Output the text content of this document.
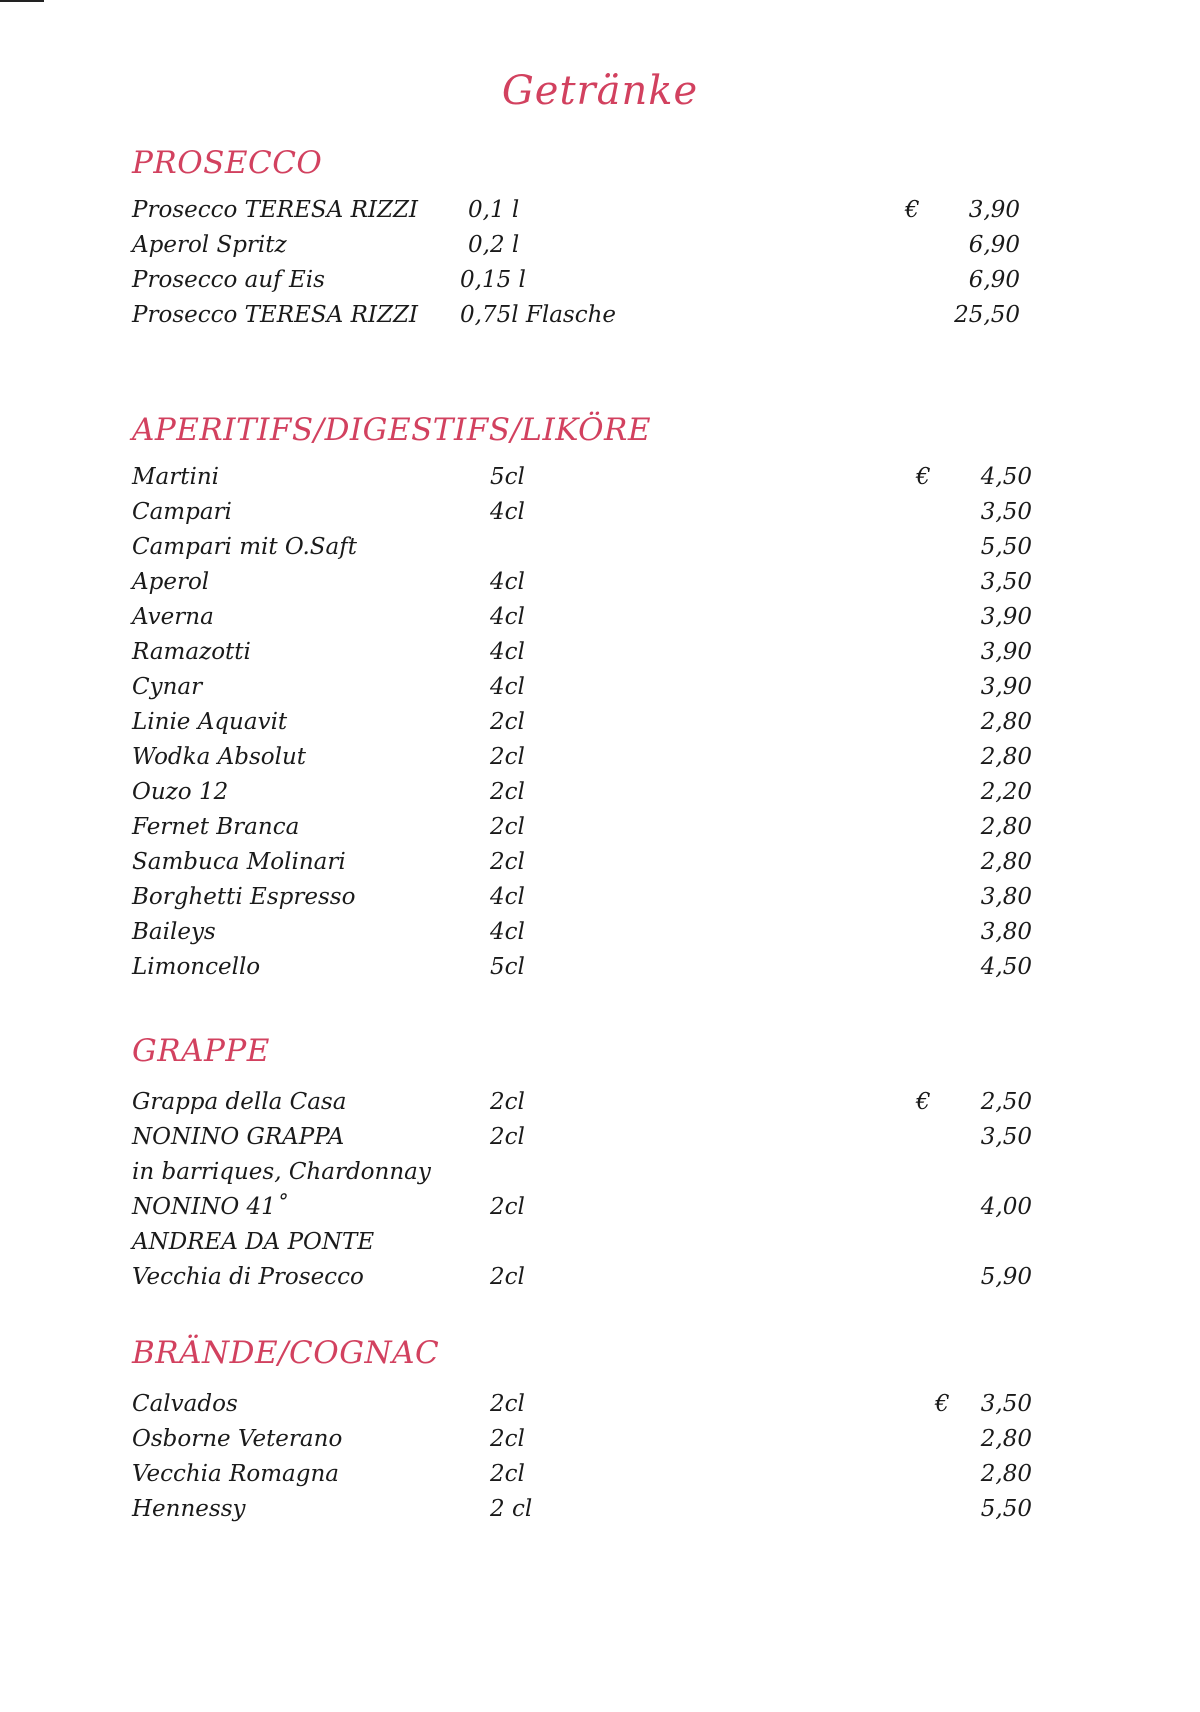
Getränke
PROSECCO
Prosecco TERESA RIZZI 0,1 l	€ 3,90
Aperol Spritz	0,2 l	6,90
Prosecco auf Eis	0,15 l	6,90
Prosecco TERESA RIZZI 0,75l Flasche	25,50
APERITIFS/DIGESTIFS/LIKÖRE
Martini	5cl	€ 4,50
Campari	4cl	3,50
Campari mit O.Saft	5,50
Aperol	4cl	3,50
Averna	4cl	3,90
Ramazotti	4cl	3,90
Cynar	4cl	3,90
Linie Aquavit	2cl	2,80
Wodka Absolut	2cl	2,80
Ouzo 12	2cl	2,20
Fernet Branca	2cl	2,80
Sambuca Molinari	2cl	2,80
Borghetti Espresso	4cl	3,80
Baileys	4cl	3,80
Limoncello	5cl	4,50
GRAPPE
Grappa della Casa	2cl	€ 2,50
NONINO GRAPPA	2cl	3,50
in barriques, Chardonnay
NONINO 41˚	2cl	4,00
ANDREA DA PONTE
Vecchia di Prosecco	2cl	5,90
BRÄNDE/COGNAC
Calvados	2cl	€ 3,50
Osborne Veterano	2cl	2,80
Vecchia Romagna	2cl	2,80
Hennessy	2 cl	5,50
